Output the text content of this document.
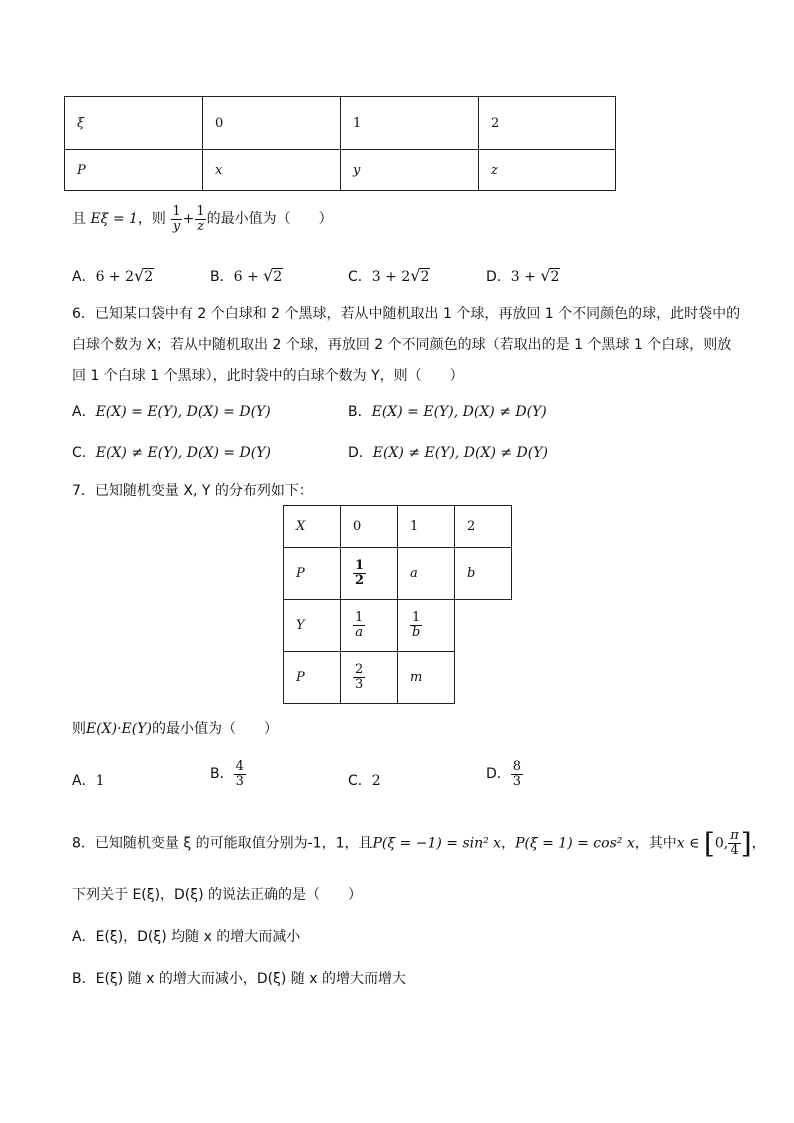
ξ	0	1	2
P	x	y	z
且 Eξ = 1，则 $\frac{1}{y} + \frac{1}{z}$ 的最小值为（　　）
A．6 + 2√2	B．6 + √2	C．3 + 2√2	D．3 + √2
6．已知某口袋中有 2 个白球和 2 个黑球，若从中随机取出 1 个球，再放回 1 个不同颜色的球，此时袋中的
白球个数为 X；若从中随机取出 2 个球，再放回 2 个不同颜色的球（若取出的是 1 个黑球 1 个白球，则放
回 1 个白球 1 个黑球），此时袋中的白球个数为 Y，则（　　）
A．E(X) = E(Y), D(X) = D(Y)	B．E(X) = E(Y), D(X) ≠ D(Y)
C．E(X) ≠ E(Y), D(X) = D(Y)	D．E(X) ≠ E(Y), D(X) ≠ D(Y)
7．已知随机变量 X, Y 的分布列如下：
X	0	1	2
P	$\frac{1}{2}$	a	b
Y	$\frac{1}{a}$	$\frac{1}{b}$

P	$\frac{2}{3}$	m	
则E(X)·E(Y)的最小值为（　　）
A．1	B． $\frac{4}{3}$	C．2	D． $\frac{8}{3}$
8．已知随机变量 ξ 的可能取值分别为-1，1，且P(ξ = −1) = sin² x，P(ξ = 1) = cos² x，其中x ∈ [0, $\frac{\pi}{4}$ ]，
下列关于 E(ξ)，D(ξ) 的说法正确的是（　　）
A．E(ξ)，D(ξ) 均随 x 的增大而减小
B．E(ξ) 随 x 的增大而减小，D(ξ) 随 x 的增大而增大
